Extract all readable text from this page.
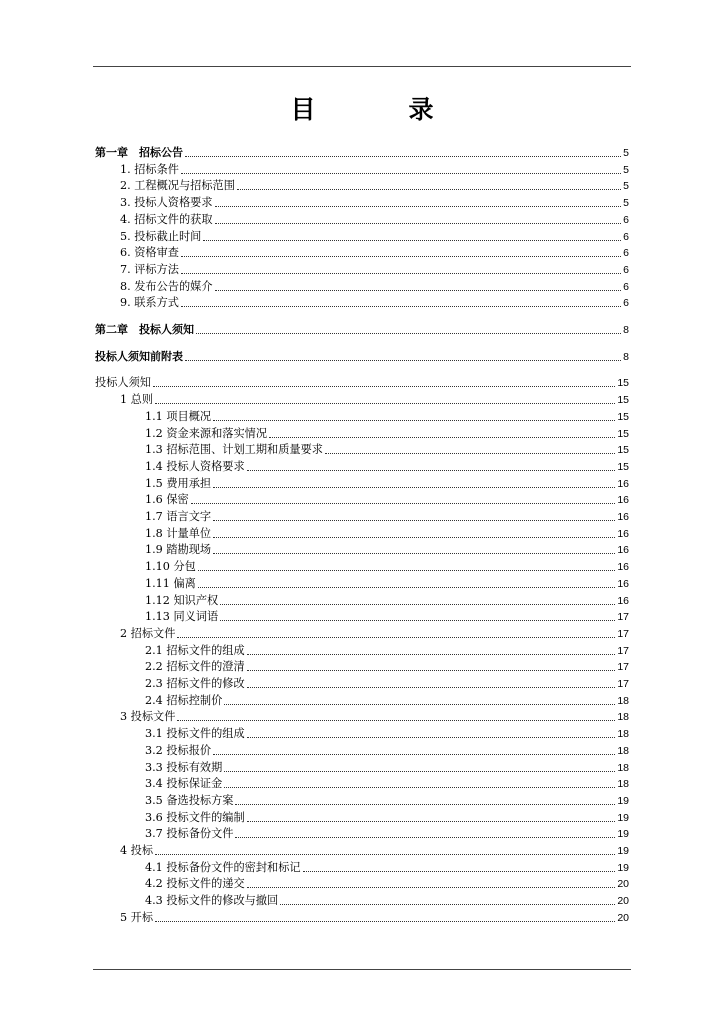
目　录
第一章　招标公告	5
1. 招标条件	5
2. 工程概况与招标范围	5
3. 投标人资格要求	5
4. 招标文件的获取	6
5. 投标截止时间	6
6. 资格审查	6
7. 评标方法	6
8. 发布公告的媒介	6
9. 联系方式	6
第二章　投标人须知	8
投标人须知前附表	8
投标人须知	15
1 总则	15
1.1 项目概况	15
1.2 资金来源和落实情况	15
1.3 招标范围、计划工期和质量要求	15
1.4 投标人资格要求	15
1.5 费用承担	16
1.6 保密	16
1.7 语言文字	16
1.8 计量单位	16
1.9 踏勘现场	16
1.10 分包	16
1.11 偏离	16
1.12 知识产权	16
1.13 同义词语	17
2 招标文件	17
2.1 招标文件的组成	17
2.2 招标文件的澄清	17
2.3 招标文件的修改	17
2.4 招标控制价	18
3 投标文件	18
3.1 投标文件的组成	18
3.2 投标报价	18
3.3 投标有效期	18
3.4 投标保证金	18
3.5 备选投标方案	19
3.6 投标文件的编制	19
3.7 投标备份文件	19
4 投标	19
4.1 投标备份文件的密封和标记	19
4.2 投标文件的递交	20
4.3 投标文件的修改与撤回	20
5 开标	20
